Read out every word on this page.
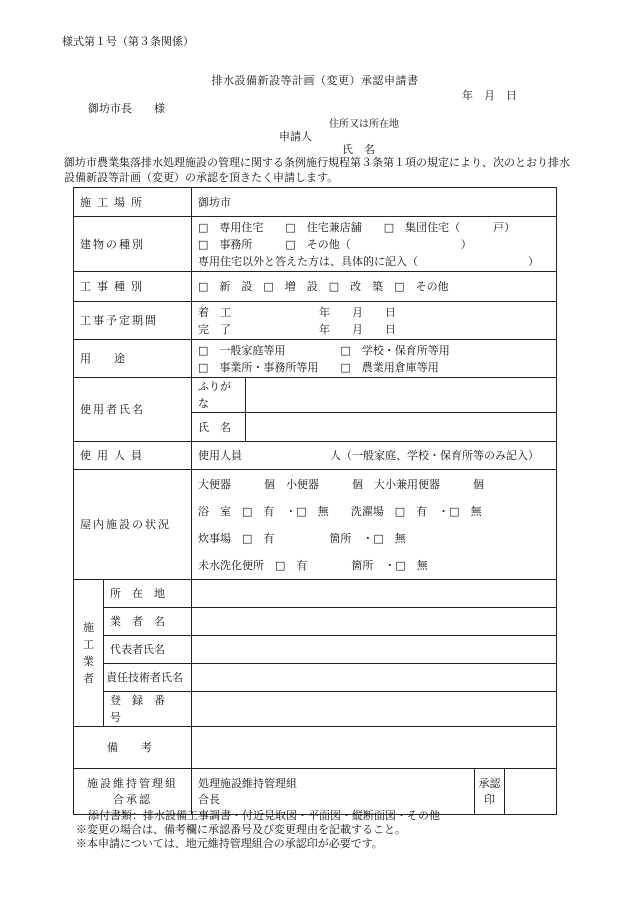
様式第１号（第３条関係）
排水設備新設等計画（変更）承認申請書
年　月　日
御坊市長　　様
住所又は所在地
申請人
氏　名
御坊市農業集落排水処理施設の管理に関する条例施行規程第３条第１項の規定により、次のとおり排水設備新設等計画（変更）の承認を頂きたく申請します。
施工場所		御坊市			
建物の種別		□　専用住宅　　□　住宅兼店舗　　□　集団住宅（　　　戸）
□　事務所　　　□　その他（　　　　　　　　　　）
専用住宅以外と答えた方は、具体的に記入（　　　　　　　　　　）			

工事種別		□　新　設　□　増　設　□　改　築　□　その他			
工事予定期間		着　工　　　　　　　　年　　月　　日
完　了　　　　　　　　年　　月　　日			

用　途		□　一般家庭等用　　　　　□　学校・保育所等用
□　事業所・事務所等用　　□　農業用倉庫等用			

使用者氏名		ふりがな			
		氏　名			
使用人員		使用人員　　　　　　　　人（一般家庭、学校・保育所等のみ記入）			
屋内施設の状況		大便器　　　個　小便器　　　個　大小兼用便器　　　個
浴　室　□　有　・□　無　　洗濯場　□　有　・□　無
炊事場　□　有　　　　　箇所　・□　無
未水洗化便所　□　有　　　　箇所　・□　無			

施工業者	所　在　地				
	業　者　名				
	代表者氏名				
	責任技術者氏名				
	登　録　番　号				
備　考					

施設維持管理組合承認		処理施設維持管理組合長		承認印	

添付書類：排水設備工事調書・付近見取図・平面図・縦断面図・その他
※変更の場合は、備考欄に承認番号及び変更理由を記載すること。
※本申請については、地元維持管理組合の承認印が必要です。
